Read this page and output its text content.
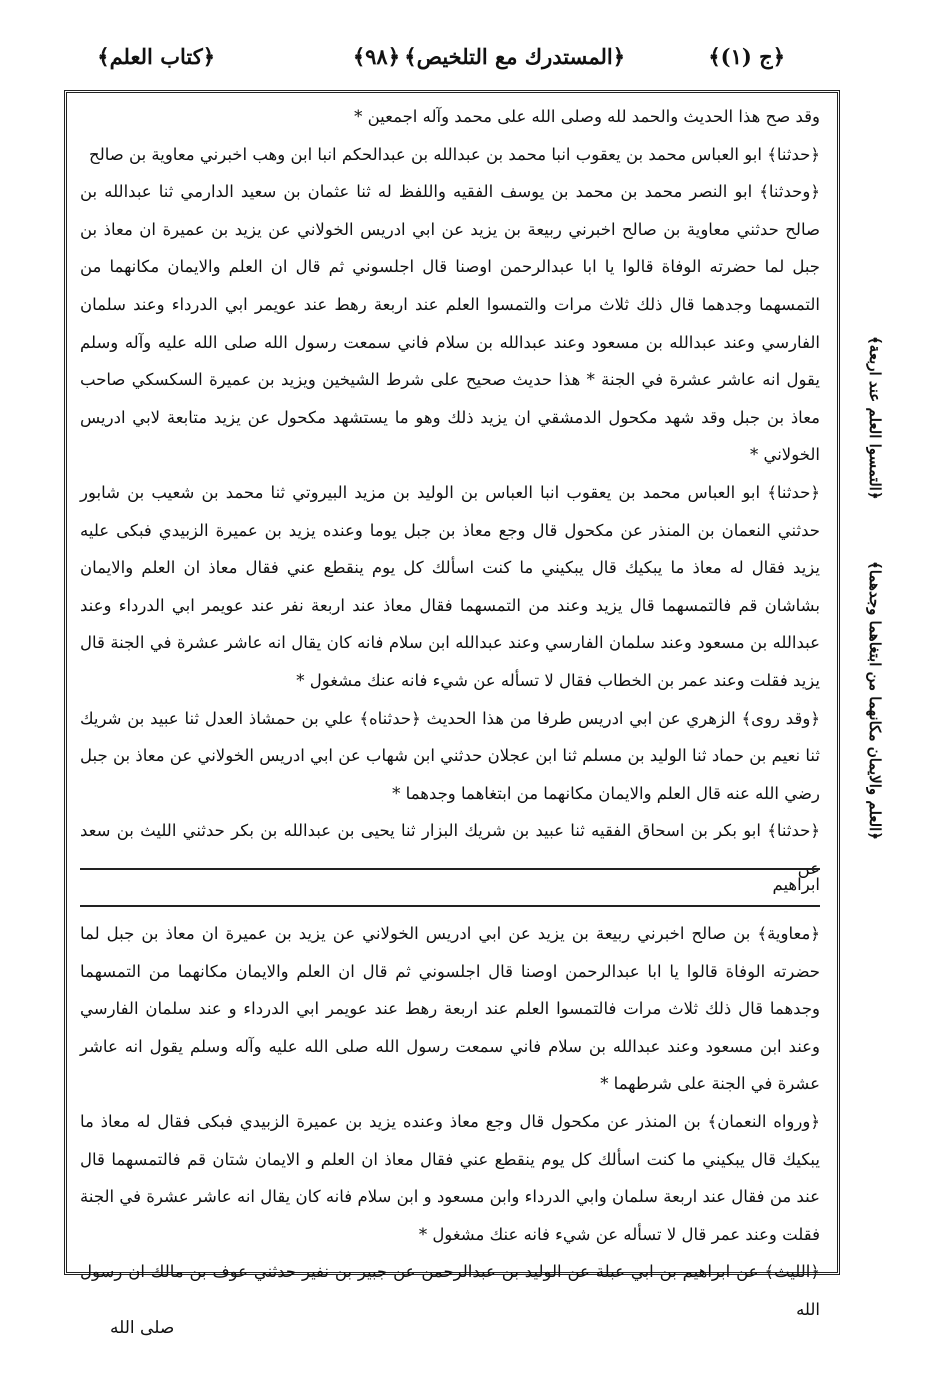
﴿ج (١)﴾
﴿المستدرك مع التلخيص﴾
﴿٩٨﴾
﴿كتاب العلم﴾
﴿التمسوا العلم عند اربعة﴾
﴿العلم والايمان مكانهما من ابتغاهما وجدهما﴾

وقد صح هذا الحديث والحمد لله وصلى الله على محمد وآله اجمعين *

﴿حدثنا﴾ ابو العباس محمد بن يعقوب انبا محمد بن عبدالله بن عبدالحكم انبا ابن وهب اخبرني معاوية بن صالح

﴿وحدثنا﴾ ابو النصر محمد بن محمد بن يوسف الفقيه واللفظ له ثنا عثمان بن سعيد الدارمي ثنا عبدالله بن صالح حدثني معاوية بن صالح اخبرني ربيعة بن يزيد عن ابي ادريس الخولاني عن يزيد بن عميرة ان معاذ بن جبل لما حضرته الوفاة قالوا يا ابا عبدالرحمن اوصنا قال اجلسوني ثم قال ان العلم والايمان مكانهما من التمسهما وجدهما قال ذلك ثلاث مرات والتمسوا العلم عند اربعة رهط عند عويمر ابي الدرداء وعند سلمان الفارسي وعند عبدالله بن مسعود وعند عبدالله بن سلام فاني سمعت رسول الله صلى الله عليه وآله وسلم يقول انه عاشر عشرة في الجنة * هذا حديث صحيح على شرط الشيخين ويزيد بن عميرة السكسكي صاحب معاذ بن جبل وقد شهد مكحول الدمشقي ان يزيد ذلك وهو ما يستشهد مكحول عن يزيد متابعة لابي ادريس الخولاني *

﴿حدثنا﴾ ابو العباس محمد بن يعقوب انبا العباس بن الوليد بن مزيد البيروتي ثنا محمد بن شعيب بن شابور حدثني النعمان بن المنذر عن مكحول قال وجع معاذ بن جبل يوما وعنده يزيد بن عميرة الزبيدي فبكى عليه يزيد فقال له معاذ ما يبكيك قال يبكيني ما كنت اسألك كل يوم ينقطع عني فقال معاذ ان العلم والايمان بشاشان قم فالتمسهما قال يزيد وعند من التمسهما فقال معاذ عند اربعة نفر عند عويمر ابي الدرداء وعند عبدالله بن مسعود وعند سلمان الفارسي وعند عبدالله ابن سلام فانه كان يقال انه عاشر عشرة في الجنة قال يزيد فقلت وعند عمر بن الخطاب فقال لا تسأله عن شيء فانه عنك مشغول *

﴿وقد روى﴾ الزهري عن ابي ادريس طرفا من هذا الحديث ﴿حدثناه﴾ علي بن حمشاذ العدل ثنا عبيد بن شريك ثنا نعيم بن حماد ثنا الوليد بن مسلم ثنا ابن عجلان حدثني ابن شهاب عن ابي ادريس الخولاني عن معاذ بن جبل رضي الله عنه قال العلم والايمان مكانهما من ابتغاهما وجدهما *

﴿حدثنا﴾ ابو بكر بن اسحاق الفقيه ثنا عبيد بن شريك البزار ثنا يحيى بن عبدالله بن بكر حدثني الليث بن سعد عن

ابراهيم

﴿معاوية﴾ بن صالح اخبرني ربيعة بن يزيد عن ابي ادريس الخولاني عن يزيد بن عميرة ان معاذ بن جبل لما حضرته الوفاة قالوا يا ابا عبدالرحمن اوصنا قال اجلسوني ثم قال ان العلم والايمان مكانهما من التمسهما وجدهما قال ذلك ثلاث مرات فالتمسوا العلم عند اربعة رهط عند عويمر ابي الدرداء و عند سلمان الفارسي وعند ابن مسعود وعند عبدالله بن سلام فاني سمعت رسول الله صلى الله عليه وآله وسلم يقول انه عاشر عشرة في الجنة على شرطهما *

﴿ورواه النعمان﴾ بن المنذر عن مكحول قال وجع معاذ وعنده يزيد بن عميرة الزبيدي فبكى فقال له معاذ ما يبكيك قال يبكيني ما كنت اسألك كل يوم ينقطع عني فقال معاذ ان العلم و الايمان شتان قم فالتمسهما قال عند من فقال عند اربعة سلمان وابي الدرداء وابن مسعود و ابن سلام فانه كان يقال انه عاشر عشرة في الجنة فقلت وعند عمر قال لا تسأله عن شيء فانه عنك مشغول *

﴿الليث﴾ عن ابراهيم بن ابي عبلة عن الوليد بن عبدالرحمن عن جبير بن نفير حدثني عوف بن مالك ان رسول الله

صلى الله
